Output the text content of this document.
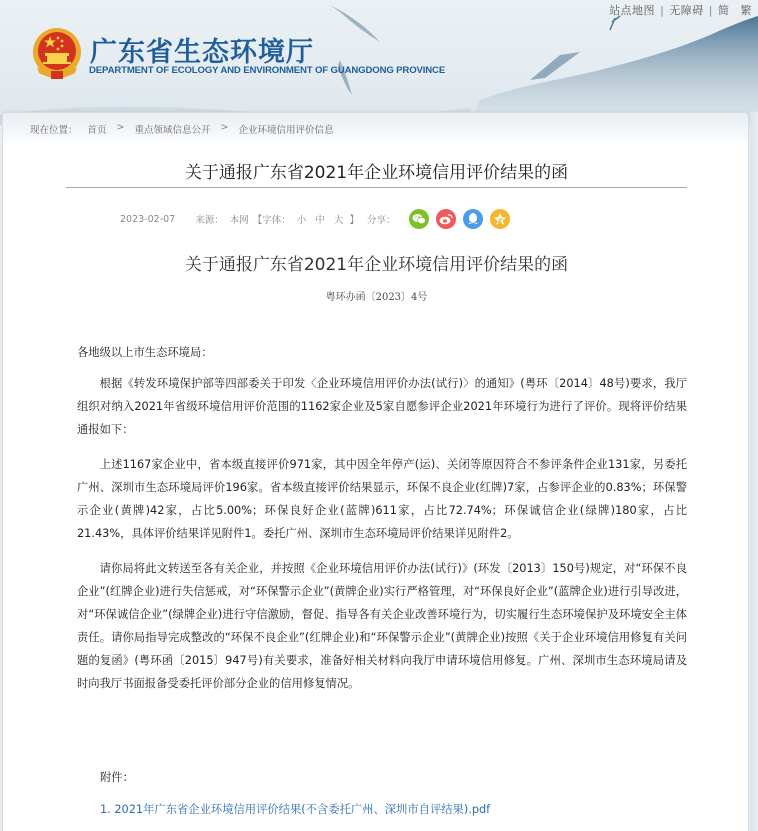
站点地图 | 无障碍 | 简 繁
广东省生态环境厅
DEPARTMENT OF ECOLOGY AND ENVIRONMENT OF GUANGDONG PROVINCE
现在位置： 首页 > 重点领域信息公开 > 企业环境信用评价信息
关于通报广东省2021年企业环境信用评价结果的函
2023-02-07 来源： 本网 【字体： 小 中 大 】 分享：
关于通报广东省2021年企业环境信用评价结果的函
粤环办函〔2023〕4号

各地级以上市生态环境局：

根据《转发环境保护部等四部委关于印发〈企业环境信用评价办法(试行)〉的通知》(粤环〔2014〕48号)要求，我厅组织对纳入2021年省级环境信用评价范围的1162家企业及5家自愿参评企业2021年环境行为进行了评价。现将评价结果通报如下：

上述1167家企业中，省本级直接评价971家，其中因全年停产(运)、关闭等原因符合不参评条件企业131家，另委托广州、深圳市生态环境局评价196家。省本级直接评价结果显示，环保不良企业(红牌)7家，占参评企业的0.83%；环保警示企业(黄牌)42家，占比5.00%；环保良好企业(蓝牌)611家，占比72.74%；环保诚信企业(绿牌)180家，占比21.43%，具体评价结果详见附件1。委托广州、深圳市生态环境局评价结果详见附件2。

请你局将此文转送至各有关企业，并按照《企业环境信用评价办法(试行)》(环发〔2013〕150号)规定，对“环保不良企业”(红牌企业)进行失信惩戒，对“环保警示企业”(黄牌企业)实行严格管理，对“环保良好企业”(蓝牌企业)进行引导改进，对“环保诚信企业”(绿牌企业)进行守信激励，督促、指导各有关企业改善环境行为，切实履行生态环境保护及环境安全主体责任。请你局指导完成整改的“环保不良企业”(红牌企业)和“环保警示企业”(黄牌企业)按照《关于企业环境信用修复有关问题的复函》(粤环函〔2015〕947号)有关要求，准备好相关材料向我厅申请环境信用修复。广州、深圳市生态环境局请及时向我厅书面报备受委托评价部分企业的信用修复情况。

附件：
1. 2021年广东省企业环境信用评价结果(不含委托广州、深圳市自评结果).pdf
